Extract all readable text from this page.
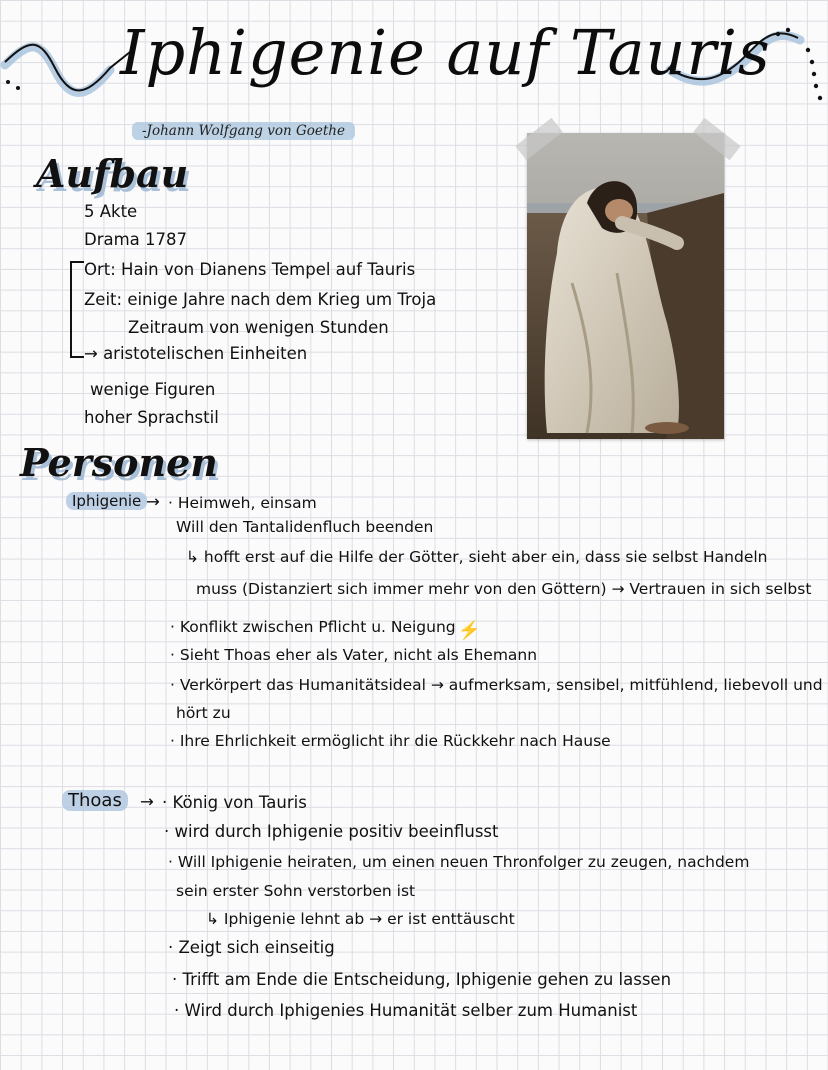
Iphigenie auf Tauris
-Johann Wolfgang von Goethe
Aufbau
5 Akte
Drama 1787
Ort: Hain von Dianens Tempel auf Tauris
Zeit: einige Jahre nach dem Krieg um Troja
Zeitraum von wenigen Stunden
→ aristotelischen Einheiten
wenige Figuren
hoher Sprachstil
Personen
Iphigenie → · Heimweh, einsam
Will den Tantalidenfluch beenden
↳ hofft erst auf die Hilfe der Götter, sieht aber ein, dass sie selbst Handeln
muss (Distanziert sich immer mehr von den Göttern) → Vertrauen in sich selbst
· Konflikt zwischen Pflicht u. Neigung ⚡
· Sieht Thoas eher als Vater, nicht als Ehemann
· Verkörpert das Humanitätsideal → aufmerksam, sensibel, mitfühlend, liebevoll und
hört zu
· Ihre Ehrlichkeit ermöglicht ihr die Rückkehr nach Hause
Thoas	→ · König von Tauris
· wird durch Iphigenie positiv beeinflusst
· Will Iphigenie heiraten, um einen neuen Thronfolger zu zeugen, nachdem
sein erster Sohn verstorben ist
↳ Iphigenie lehnt ab → er ist enttäuscht
· Zeigt sich einseitig
· Trifft am Ende die Entscheidung, Iphigenie gehen zu lassen
· Wird durch Iphigenies Humanität selber zum Humanist
